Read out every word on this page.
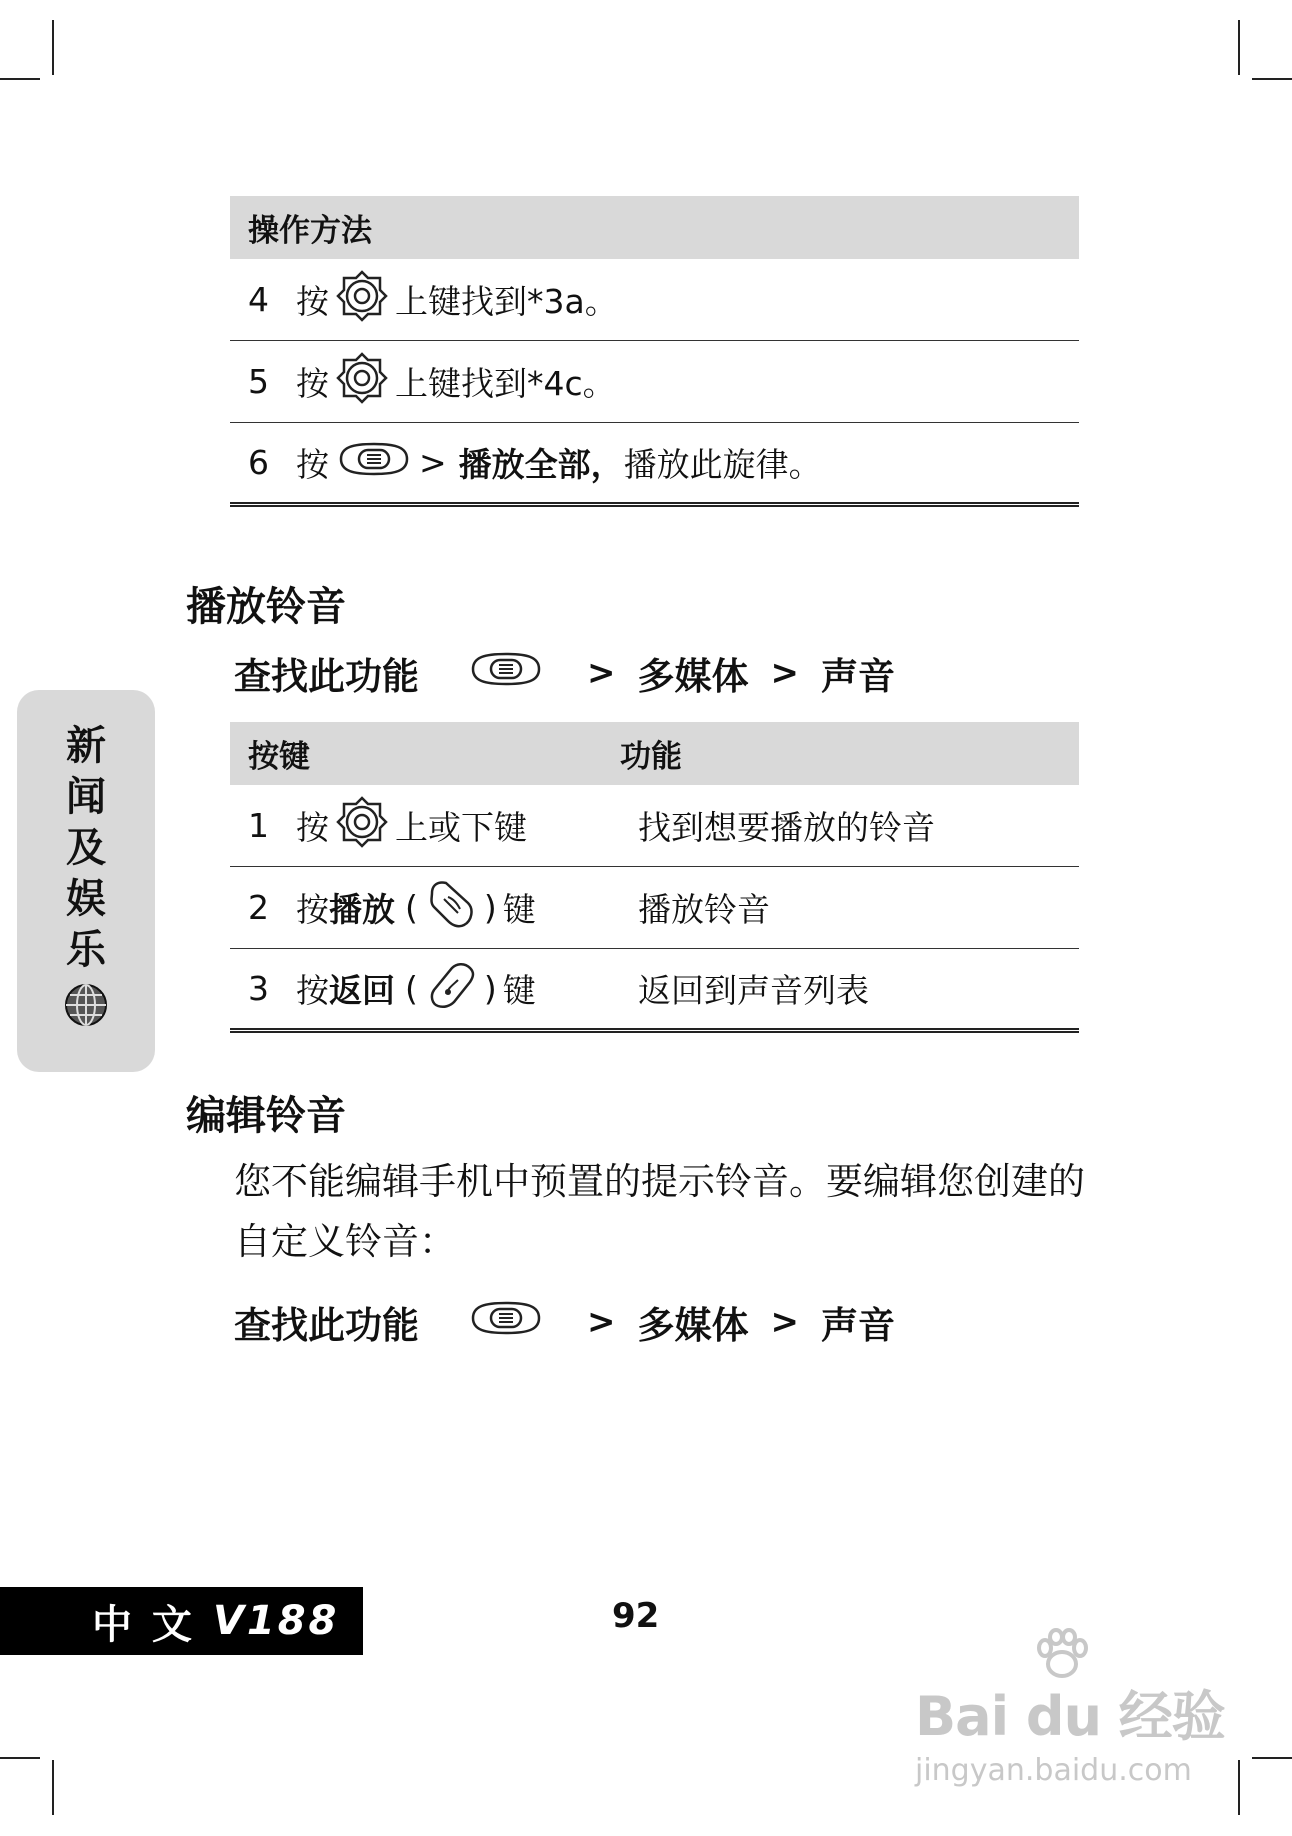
操作方法
4 按 上键找到*3a。
5 按 上键找到*4c。
6 按	> 播放全部， 播放此旋律。
播放铃音
查找此功能	> 多媒体 > 声音
按键	功能
1 按 上或下键	找到想要播放的铃音
2 按 播放 ( ) 键	播放铃音
3 按 返回 ( ) 键	返回到声音列表
编辑铃音
您不能编辑手机中预置的提示铃音。要编辑您创建的自定义铃音：
查找此功能	> 多媒体 > 声音
新
闻
及
娱
乐
中 文 V188	92
Bai du 经验
jingyan.baidu.com
